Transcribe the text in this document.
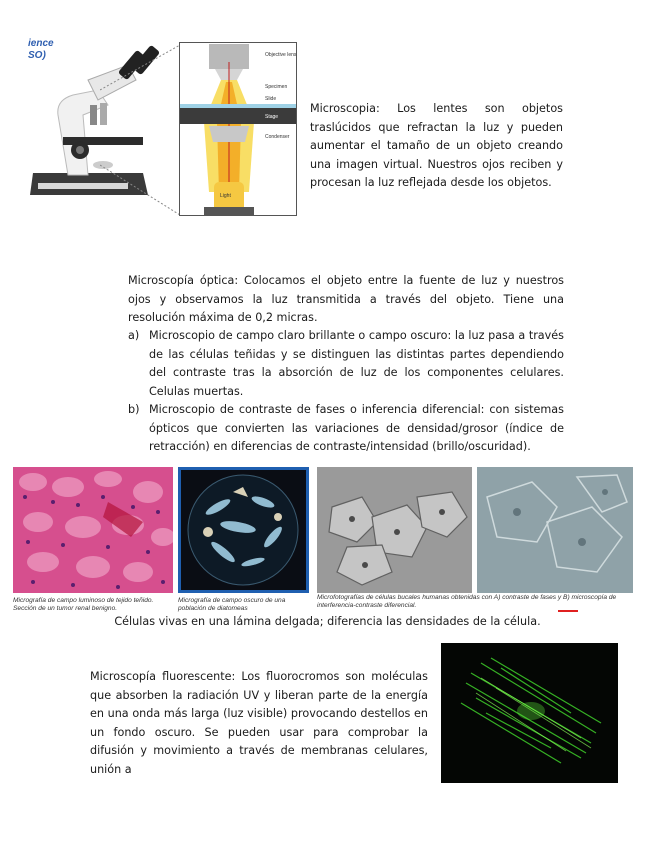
ience
SO)	Objective lens
Specimen
Slide
Stage
Condenser
Light
Microscopia: Los lentes son objetos traslúcidos que refractan la luz y pueden aumentar el tamaño de un objeto creando una imagen virtual. Nuestros ojos reciben y procesan la luz reflejada desde los objetos.
Microscopía óptica: Colocamos el objeto entre la fuente de luz y nuestros ojos y observamos la luz transmitida a través del objeto. Tiene una resolución máxima de 0,2 micras.
a) Microscopio de campo claro brillante o campo oscuro: la luz pasa a través de las células teñidas y se distinguen las distintas partes dependiendo del contraste tras la absorción de luz de los componentes celulares. Celulas muertas.
b) Microscopio de contraste de fases o inferencia diferencial: con sistemas ópticos que convierten las variaciones de densidad/grosor (índice de retracción) en diferencias de contraste/intensidad (brillo/oscuridad).
Micrografía de campo luminoso de tejido teñido. Sección de un tumor renal benigno.
Micrografía de campo oscuro de una población de diatomeas
Microfotografías de células bucales humanas obtenidas con A) contraste de fases y B) microscopía de interferencia-contraste diferencial.
Células vivas en una lámina delgada; diferencia las densidades de la célula.
Microscopía fluorescente: Los fluorocromos son moléculas que absorben la radiación UV y liberan parte de la energía en una onda más larga (luz visible) provocando destellos en un fondo oscuro. Se pueden usar para comprobar la difusión y movimiento a través de membranas celulares, unión a
